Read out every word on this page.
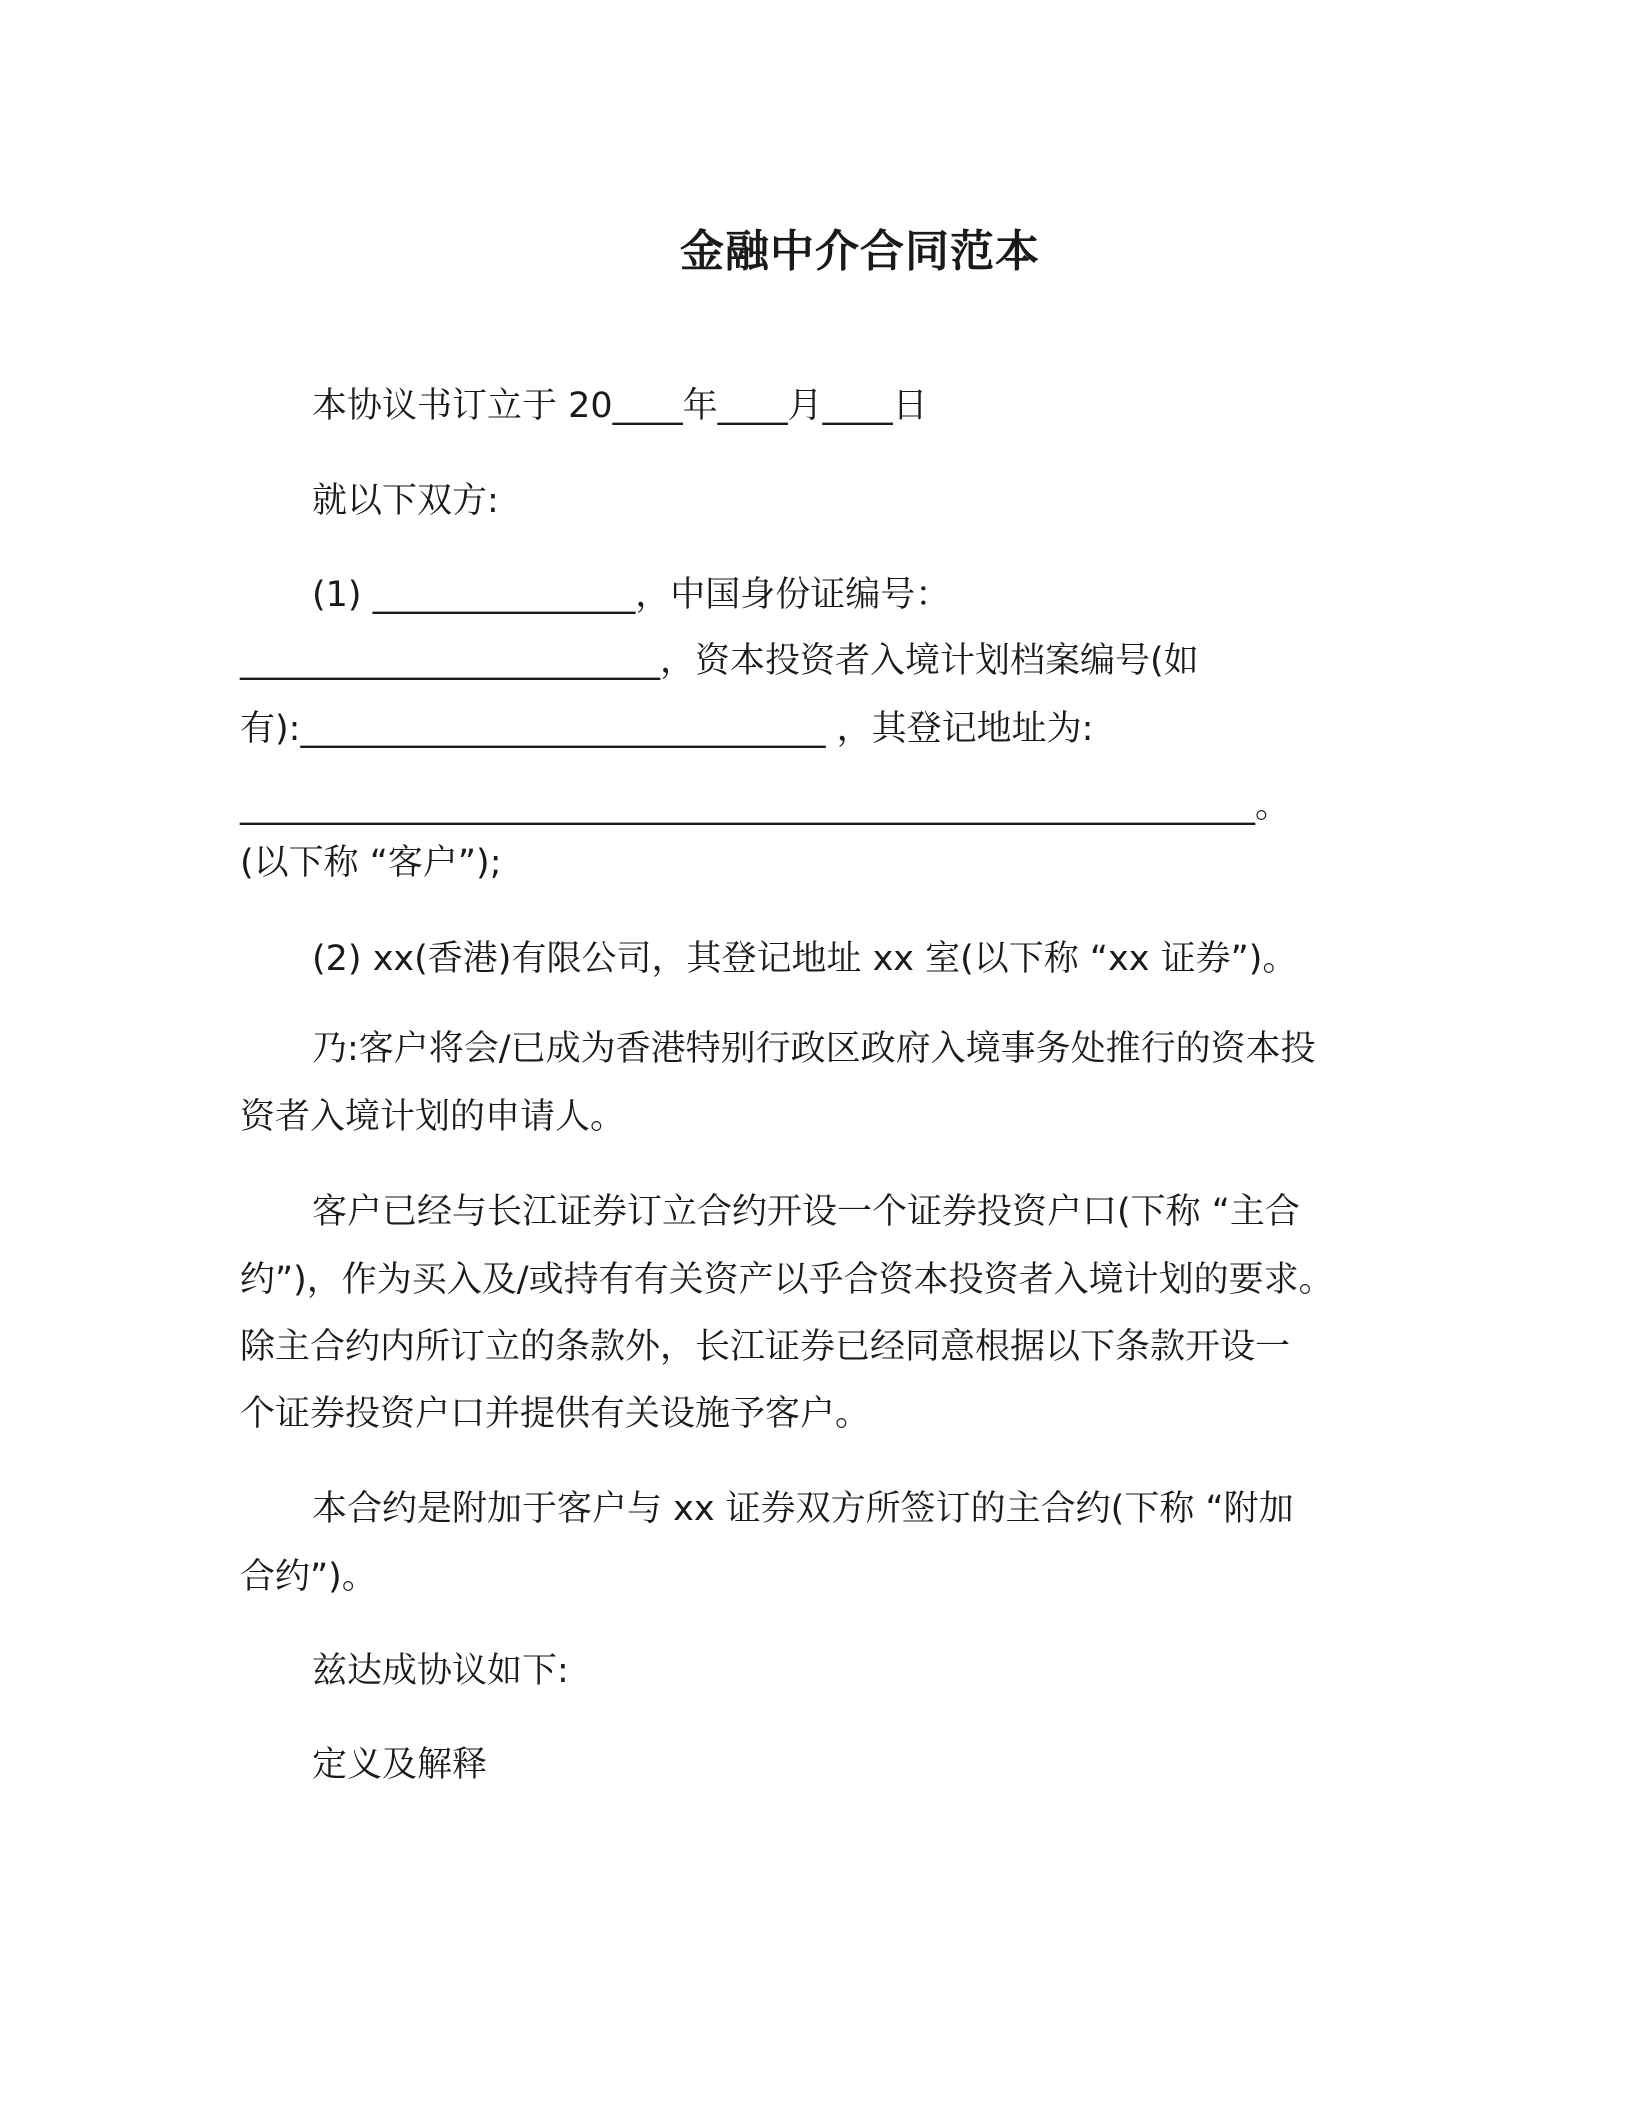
金融中介合同范本
本协议书订立于 20____年____月____日
就以下双方:
(1) _______________，中国身份证编号：
________________________，资本投资者入境计划档案编号(如
有):______________________________ ，其登记地址为:
__________________________________________________________。
(以下称 “客户”);
(2) xx(香港)有限公司，其登记地址 xx 室(以下称 “xx 证券”)。
乃:客户将会/已成为香港特别行政区政府入境事务处推行的资本投
资者入境计划的申请人。
客户已经与长江证券订立合约开设一个证券投资户口(下称 “主合
约”)，作为买入及/或持有有关资产以乎合资本投资者入境计划的要求。
除主合约内所订立的条款外，长江证券已经同意根据以下条款开设一
个证券投资户口并提供有关设施予客户。
本合约是附加于客户与 xx 证券双方所签订的主合约(下称 “附加
合约”)。
兹达成协议如下:
定义及解释
